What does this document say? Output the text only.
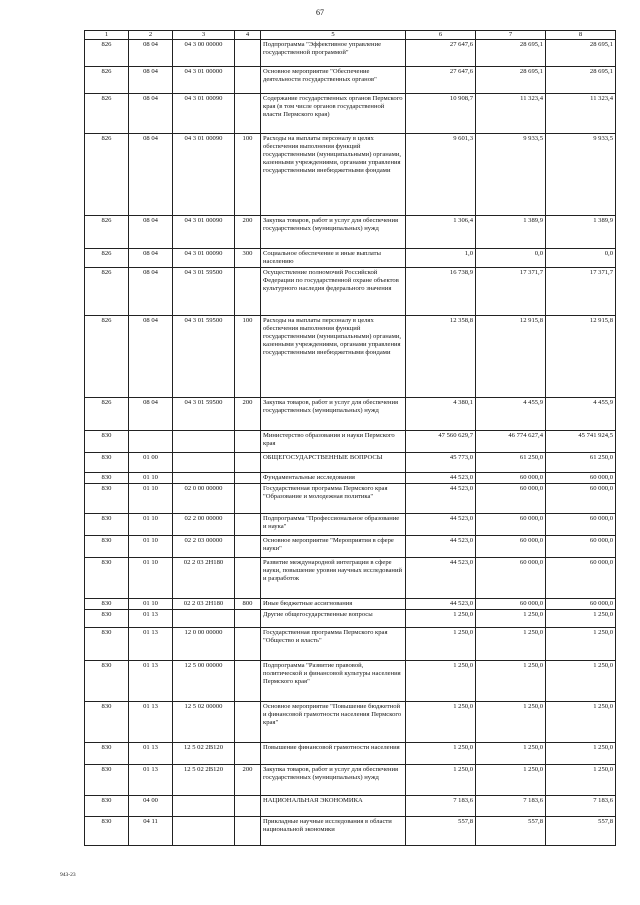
67
1	2	3	4	5	6	7	8
826	08 04	04 3 00 00000		Подпрограмма "Эффективное управление государственной программой"	27 647,6	28 695,1	28 695,1
826	08 04	04 3 01 00000		Основное мероприятие "Обеспечение деятельности государственных органов"	27 647,6	28 695,1	28 695,1
826	08 04	04 3 01 00090		Содержание государственных органов Пермского края (в том числе органов государственной власти Пермского края)	10 908,7	11 323,4	11 323,4
826	08 04	04 3 01 00090	100	Расходы на выплаты персоналу в целях обеспечения выполнения функций государственными (муниципальными) органами, казенными учреждениями, органами управления государственными внебюджетными фондами	9 601,3	9 933,5	9 933,5
826	08 04	04 3 01 00090	200	Закупка товаров, работ и услуг для обеспечения государственных (муниципальных) нужд	1 306,4	1 389,9	1 389,9
826	08 04	04 3 01 00090	300	Социальное обеспечение и иные выплаты населению	1,0	0,0	0,0
826	08 04	04 3 01 59500		Осуществление полномочий Российской Федерации по государственной охране объектов культурного наследия федерального значения	16 738,9	17 371,7	17 371,7
826	08 04	04 3 01 59500	100	Расходы на выплаты персоналу в целях обеспечения выполнения функций государственными (муниципальными) органами, казенными учреждениями, органами управления государственными внебюджетными фондами	12 358,8	12 915,8	12 915,8
826	08 04	04 3 01 59500	200	Закупка товаров, работ и услуг для обеспечения государственных (муниципальных) нужд	4 380,1	4 455,9	4 455,9
830				Министерство образования и науки Пермского края	47 560 629,7	46 774 627,4	45 741 924,5
830	01 00			ОБЩЕГОСУДАРСТВЕННЫЕ ВОПРОСЫ	45 773,0	61 250,0	61 250,0
830	01 10			Фундаментальные исследования	44 523,0	60 000,0	60 000,0
830	01 10	02 0 00 00000		Государственная программа Пермского края "Образование и молодежная политика"	44 523,0	60 000,0	60 000,0
830	01 10	02 2 00 00000		Подпрограмма "Профессиональное образование и наука"	44 523,0	60 000,0	60 000,0
830	01 10	02 2 03 00000		Основное мероприятие "Мероприятия в сфере науки"	44 523,0	60 000,0	60 000,0
830	01 10	02 2 03 2Н180		Развитие международной интеграции в сфере науки, повышение уровня научных исследований и разработок	44 523,0	60 000,0	60 000,0
830	01 10	02 2 03 2Н180	800	Иные бюджетные ассигнования	44 523,0	60 000,0	60 000,0
830	01 13			Другие общегосударственные вопросы	1 250,0	1 250,0	1 250,0
830	01 13	12 0 00 00000		Государственная программа Пермского края "Общество и власть"	1 250,0	1 250,0	1 250,0
830	01 13	12 5 00 00000		Подпрограмма "Развитие правовой, политической и финансовой культуры населения Пермского края"	1 250,0	1 250,0	1 250,0
830	01 13	12 5 02 00000		Основное мероприятие "Повышение бюджетной и финансовой грамотности населения Пермского края"	1 250,0	1 250,0	1 250,0
830	01 13	12 5 02 2В120		Повышение финансовой грамотности населения	1 250,0	1 250,0	1 250,0
830	01 13	12 5 02 2В120	200	Закупка товаров, работ и услуг для обеспечения государственных (муниципальных) нужд	1 250,0	1 250,0	1 250,0
830	04 00			НАЦИОНАЛЬНАЯ ЭКОНОМИКА	7 183,6	7 183,6	7 183,6
830	04 11			Прикладные научные исследования в области национальной экономики	557,8	557,8	557,8
943-23
